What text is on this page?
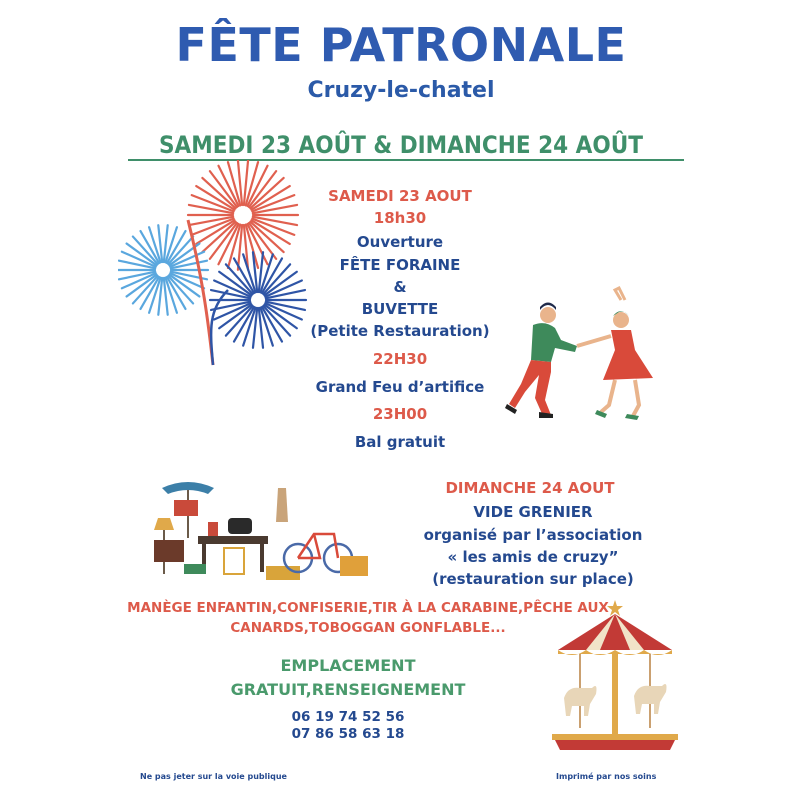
FÊTE PATRONALE
Cruzy-le-chatel
SAMEDI 23 AOÛT & DIMANCHE 24 AOÛT
SAMEDI 23 AOUT
18h30
Ouverture
FÊTE FORAINE
&
BUVETTE
(Petite Restauration)
22H30
Grand Feu d’artifice
23H00
Bal gratuit
DIMANCHE 24 AOUT
VIDE GRENIER
organisé par l’association
« les amis de cruzy”
(restauration sur place)
MANÈGE ENFANTIN,CONFISERIE,TIR À LA CARABINE,PÊCHE AUX
CANARDS,TOBOGGAN GONFLABLE...
EMPLACEMENT
GRATUIT,RENSEIGNEMENT
06 19 74 52 56
07 86 58 63 18
Ne pas jeter sur la voie publique	Imprimé par nos soins
